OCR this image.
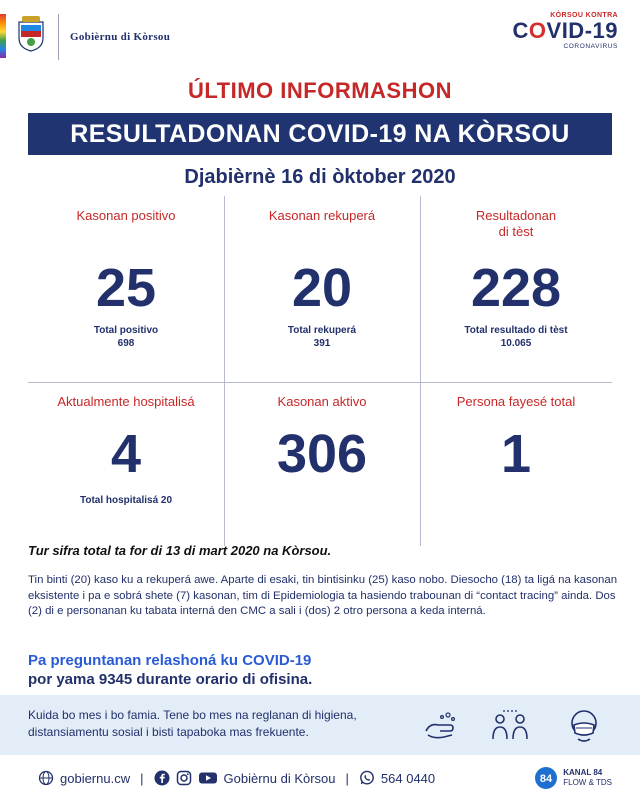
Gobièrnu di Kòrsou
KÒRSOU KONTRA
COVID-19
CORONAVIRUS
ÚLTIMO INFORMASHON
RESULTADONAN COVID-19 NA KÒRSOU
Djabièrnè 16 di òktober 2020
Kasonan positivo
25
Total positivo
698
Kasonan rekuperá
20
Total rekuperá
391
Resultadonan
di tèst
228
Total resultado di tèst
10.065
Aktualmente hospitalisá
4
Total hospitalisá 20
Kasonan aktivo
306
Persona fayesé total
1
Tur sifra total ta for di 13 di mart 2020 na Kòrsou.
Tin binti (20) kaso ku a rekuperá awe. Aparte di esaki, tin bintisinku (25) kaso nobo. Diesocho (18) ta ligá na kasonan eksistente i pa e sobrá shete (7) kasonan, tim di Epidemiologia ta hasiendo trabounan di “contact tracing” ainda. Dos (2) di e personanan ku tabata interná den CMC a sali i (dos) 2 otro persona a keda interná.
Pa preguntanan relashoná ku COVID-19
por yama 9345 durante orario di ofisina.
Kuida bo mes i bo famia. Tene bo mes na reglanan di higiena, distansiamentu sosial i bisti tapaboka mas frekuente.
gobiernu.cw |	Gobièrnu di Kòrsou |	564 0440	84
KANAL 84
FLOW & TDS
